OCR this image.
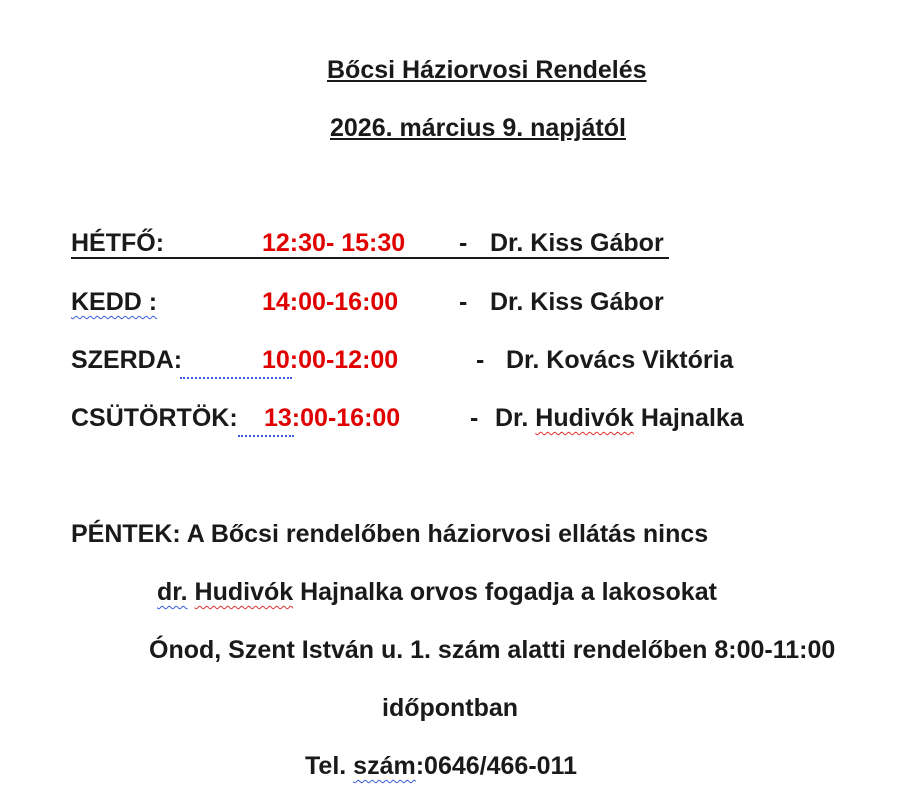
Bőcsi Háziorvosi Rendelés
2026. március 9. napjától
HÉTFŐ:	12:30- 15:30 - Dr. Kiss Gábor
KEDD :	14:00-16:00 - Dr. Kiss Gábor
SZERDA:	10:00-12:00	- Dr. Kovács Viktória
CSÜTÖRTÖK: 13:00-16:00	- Dr. Hudivók Hajnalka
PÉNTEK: A Bőcsi rendelőben háziorvosi ellátás nincs
dr. Hudivók Hajnalka orvos fogadja a lakosokat
Ónod, Szent István u. 1. szám alatti rendelőben 8:00-11:00
időpontban
Tel. szám:0646/466-011
